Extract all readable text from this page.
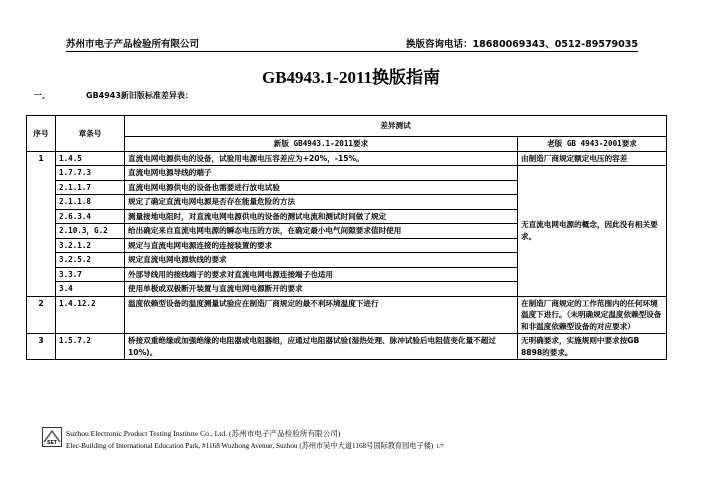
苏州市电子产品检验所有限公司	换版咨询电话：18680069343、0512-89579035
GB4943.1-2011换版指南
一、	GB4943新旧版标准差异表：
序号	章条号	差异测试	
		新版 GB4943.1-2011要求	老版 GB 4943-2001要求
1	1.4.5	直流电网电源供电的设备，试验用电源电压容差应为+20%，-15%。	由制造厂商规定额定电压的容差
	1.7.7.3	直流电网电源导线的端子	无直流电网电源的概念，因此没有相关要求。
	2.1.1.7	直流电网电源供电的设备也需要进行放电试验	
	2.1.1.8	规定了确定直流电网电源是否存在能量危险的方法	
	2.6.3.4	测量接地电阻时，对直流电网电源供电的设备的测试电流和测试时间做了规定	
	2.10.3，G.2	给出确定来自直流电网电源的瞬态电压的方法，在确定最小电气间隙要求值时使用	
	3.2.1.2	规定与直流电网电源连接的连接装置的要求	
	3.2.5.2	规定直流电网电源软线的要求	
	3.3.7	外部导线用的接线端子的要求对直流电网电源连接端子也适用	
	3.4	使用单极或双极断开装置与直流电网电源断开的要求	
2	1.4.12.2	温度依赖型设备的温度测量试验应在制造厂商规定的最不利环境温度下进行	在制造厂商规定的工作范围内的任何环境温度下进行。（未明确规定温度依赖型设备和非温度依赖型设备的对应要求）
3	1.5.7.2	桥接双重绝缘或加强绝缘的电阻器或电阻器组，应通过电阻器试验(湿热处理、脉冲试验后电阻值变化量不超过10%)。	无明确要求，实施规则中要求按GB 8898的要求。
SET
Suzhou Electronic Product Testing Institute Co., Ltd. (苏州市电子产品检验所有限公司)
Elec-Building of International Education Park, #1168 Wuzhong Avenue, Suzhou (苏州市吴中大道1168号国际教育园电子楼) 1/7
